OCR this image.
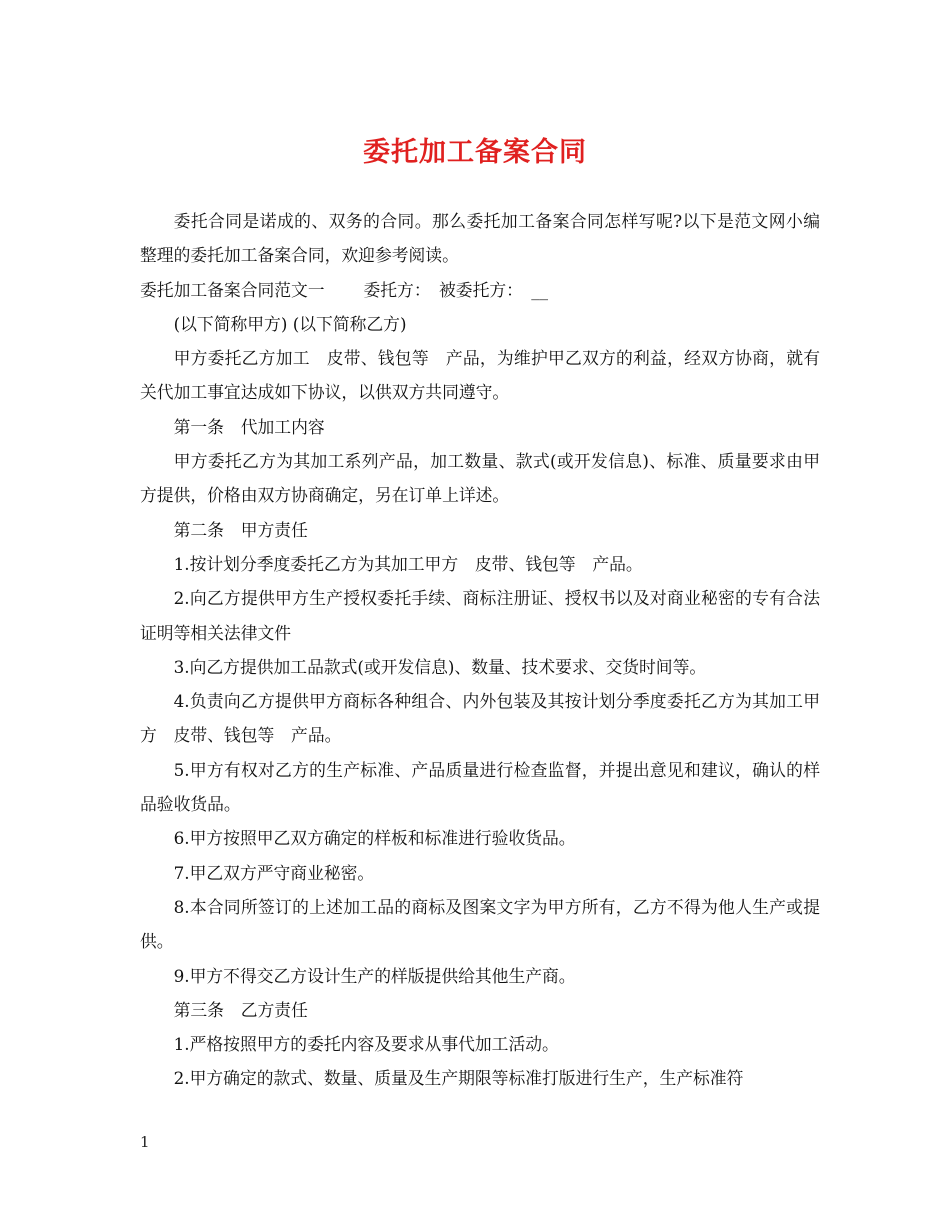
委托加工备案合同

委托合同是诺成的、双务的合同。那么委托加工备案合同怎样写呢?以下是范文网小编整理的委托加工备案合同，欢迎参考阅读。

委托加工备案合同范文一　　 委托方：　被委托方：　__

(以下简称甲方) (以下简称乙方)

甲方委托乙方加工　皮带、钱包等　产品，为维护甲乙双方的利益，经双方协商，就有关代加工事宜达成如下协议，以供双方共同遵守。

第一条　代加工内容

甲方委托乙方为其加工系列产品，加工数量、款式(或开发信息)、标准、质量要求由甲方提供，价格由双方协商确定，另在订单上详述。

第二条　甲方责任

1.按计划分季度委托乙方为其加工甲方　皮带、钱包等　产品。

2.向乙方提供甲方生产授权委托手续、商标注册证、授权书以及对商业秘密的专有合法证明等相关法律文件

3.向乙方提供加工品款式(或开发信息)、数量、技术要求、交货时间等。

4.负责向乙方提供甲方商标各种组合、内外包装及其按计划分季度委托乙方为其加工甲方　皮带、钱包等　产品。

5.甲方有权对乙方的生产标准、产品质量进行检查监督，并提出意见和建议，确认的样品验收货品。

6.甲方按照甲乙双方确定的样板和标准进行验收货品。

7.甲乙双方严守商业秘密。

8.本合同所签订的上述加工品的商标及图案文字为甲方所有，乙方不得为他人生产或提供。

9.甲方不得交乙方设计生产的样版提供给其他生产商。

第三条　乙方责任

1.严格按照甲方的委托内容及要求从事代加工活动。

2.甲方确定的款式、数量、质量及生产期限等标准打版进行生产，生产标准符

1
